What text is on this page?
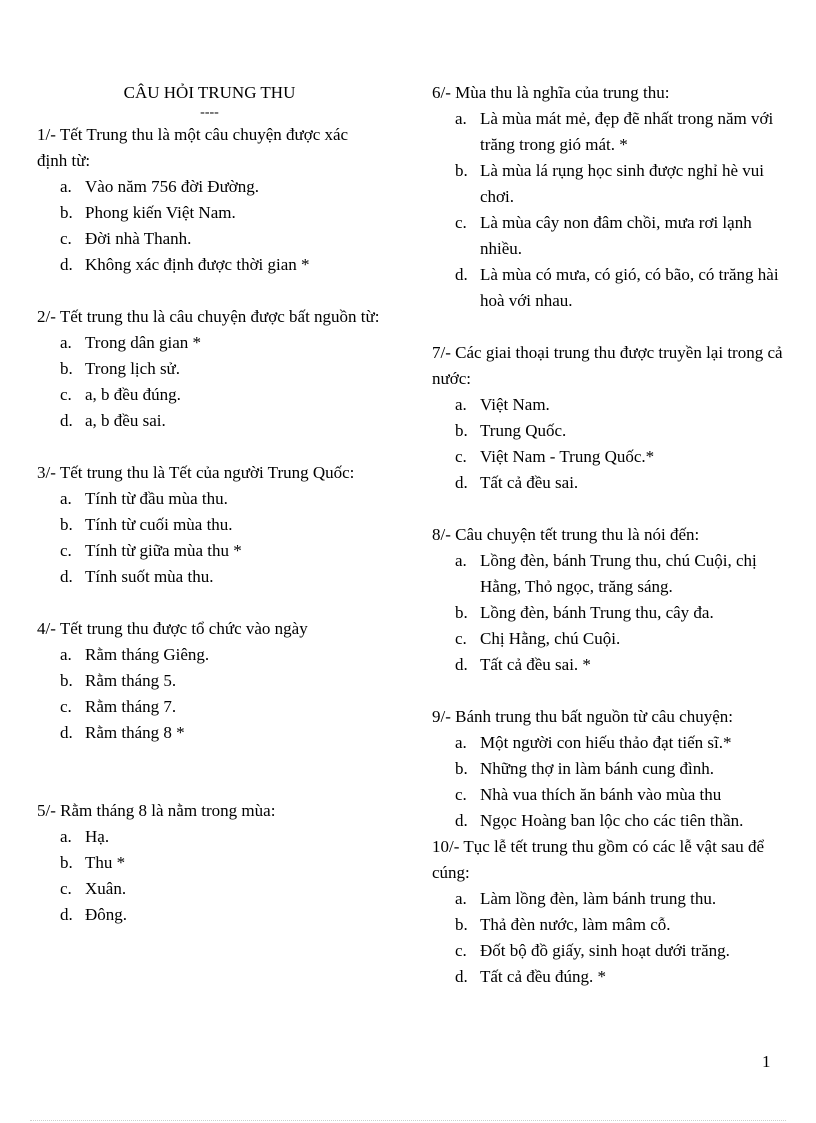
CÂU HỎI TRUNG THU
----
1/- Tết Trung thu là một câu chuyện được xác định từ:
a. Vào năm 756 đời Đường.
b. Phong kiến Việt Nam.
c. Đời nhà Thanh.
d. Không xác định được thời gian *
2/- Tết trung thu là câu chuyện được bất nguồn từ:
a. Trong dân gian *
b. Trong lịch sử.
c. a, b đều đúng.
d. a, b đều sai.
3/- Tết trung thu là Tết của người Trung Quốc:
a. Tính từ đầu mùa thu.
b. Tính từ cuối mùa thu.
c. Tính từ giữa mùa thu *
d. Tính suốt mùa thu.
4/- Tết trung thu được tổ chức vào ngày
a. Rằm tháng Giêng.
b. Rằm tháng 5.
c. Rằm tháng 7.
d. Rằm tháng 8 *
5/- Rằm tháng 8 là nằm trong mùa:
a. Hạ.
b. Thu *
c. Xuân.
d. Đông.
6/- Mùa thu là nghĩa của trung thu:
a. Là mùa mát mẻ, đẹp đẽ nhất trong năm với trăng trong gió mát. *
b. Là mùa lá rụng học sinh được nghỉ hè vui chơi.
c. Là mùa cây non đâm chồi, mưa rơi lạnh nhiều.
d. Là mùa có mưa, có gió, có bão, có trăng hài hoà với nhau.
7/- Các giai thoại trung thu được truyền lại trong cả nước:
a. Việt Nam.
b. Trung Quốc.
c. Việt Nam - Trung Quốc.*
d. Tất cả đều sai.
8/- Câu chuyện tết trung thu là nói đến:
a. Lồng đèn, bánh Trung thu, chú Cuội, chị Hằng, Thỏ ngọc, trăng sáng.
b. Lồng đèn, bánh Trung thu, cây đa.
c. Chị Hằng, chú Cuội.
d. Tất cả đều sai. *
9/- Bánh trung thu bất nguồn từ câu chuyện:
a. Một người con hiếu thảo đạt tiến sĩ.*
b. Những thợ in làm bánh cung đình.
c. Nhà vua thích ăn bánh vào mùa thu
d. Ngọc Hoàng ban lộc cho các tiên thần.
10/- Tục lễ tết trung thu gồm có các lễ vật sau để cúng:
a. Làm lồng đèn, làm bánh trung thu.
b. Thả đèn nước, làm mâm cỗ.
c. Đốt bộ đồ giấy, sinh hoạt dưới trăng.
d. Tất cả đều đúng. *
1
